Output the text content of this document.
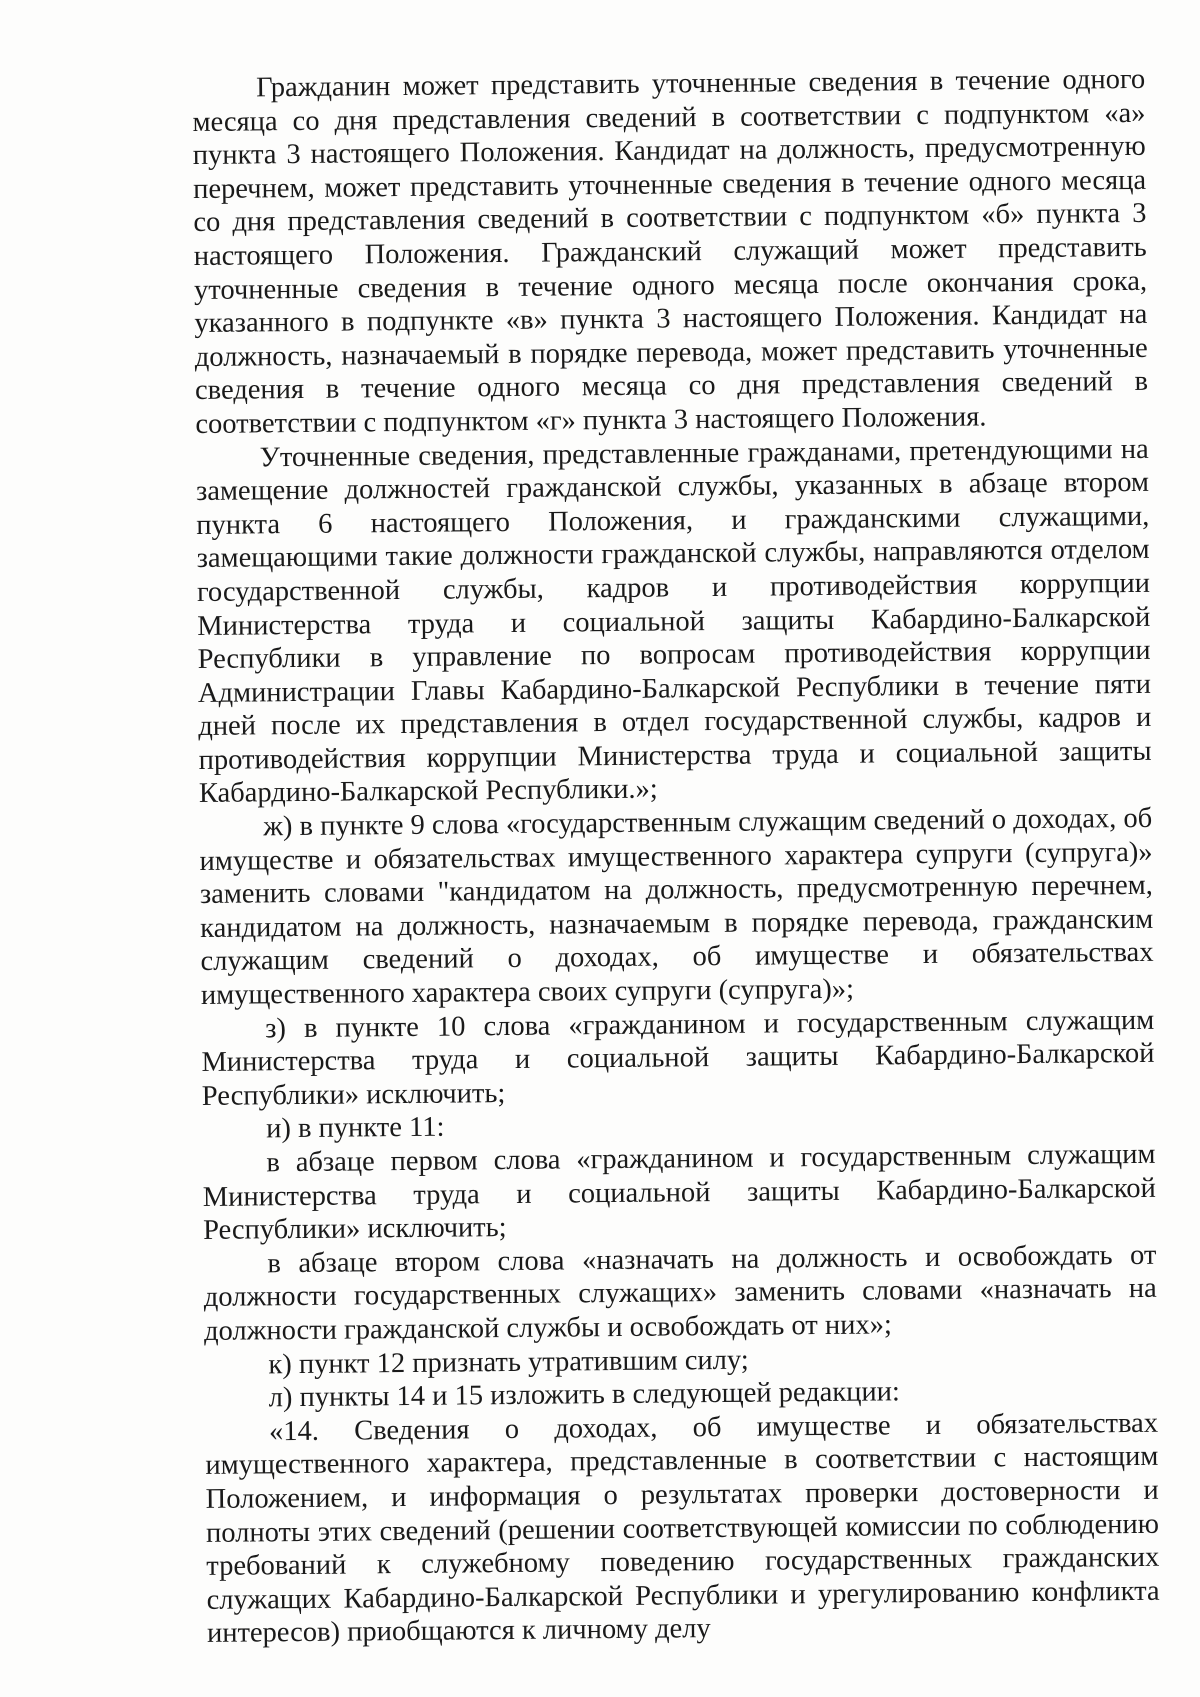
Гражданин может представить уточненные сведения в течение одного месяца со дня представления сведений в соответствии с подпунктом «а» пункта 3 настоящего Положения. Кандидат на должность, предусмотренную перечнем, может представить уточненные сведения в течение одного месяца со дня представления сведений в соответствии с подпунктом «б» пункта 3 настоящего Положения. Гражданский служащий может представить уточненные сведения в течение одного месяца после окончания срока, указанного в подпункте «в» пункта 3 настоящего Положения. Кандидат на должность, назначаемый в порядке перевода, может представить уточненные сведения в течение одного месяца со дня представления сведений в соответствии с подпунктом «г» пункта 3 настоящего Положения.

Уточненные сведения, представленные гражданами, претендующими на замещение должностей гражданской службы, указанных в абзаце втором пункта 6 настоящего Положения, и гражданскими служащими, замещающими такие должности гражданской службы, направляются отделом государственной службы, кадров и противодействия коррупции Министерства труда и социальной защиты Кабардино-Балкарской Республики в управление по вопросам противодействия коррупции Администрации Главы Кабардино-Балкарской Республики в течение пяти дней после их представления в отдел государственной службы, кадров и противодействия коррупции Министерства труда и социальной защиты Кабардино-Балкарской Республики.»;

ж) в пункте 9 слова «государственным служащим сведений о доходах, об имуществе и обязательствах имущественного характера супруги (супруга)» заменить словами "кандидатом на должность, предусмотренную перечнем, кандидатом на должность, назначаемым в порядке перевода, гражданским служащим сведений о доходах, об имуществе и обязательствах имущественного характера своих супруги (супруга)»;

з) в пункте 10 слова «гражданином и государственным служащим Министерства труда и социальной защиты Кабардино-Балкарской Республики» исключить;

и) в пункте 11:

в абзаце первом слова «гражданином и государственным служащим Министерства труда и социальной защиты Кабардино-Балкарской Республики» исключить;

в абзаце втором слова «назначать на должность и освобождать от должности государственных служащих» заменить словами «назначать на должности гражданской службы и освобождать от них»;

к) пункт 12 признать утратившим силу;

л) пункты 14 и 15 изложить в следующей редакции:

«14. Сведения о доходах, об имуществе и обязательствах имущественного характера, представленные в соответствии с настоящим Положением, и информация о результатах проверки достоверности и полноты этих сведений (решении соответствующей комиссии по соблюдению требований к служебному поведению государственных гражданских служащих Кабардино-Балкарской Республики и урегулированию конфликта интересов) приобщаются к личному делу
